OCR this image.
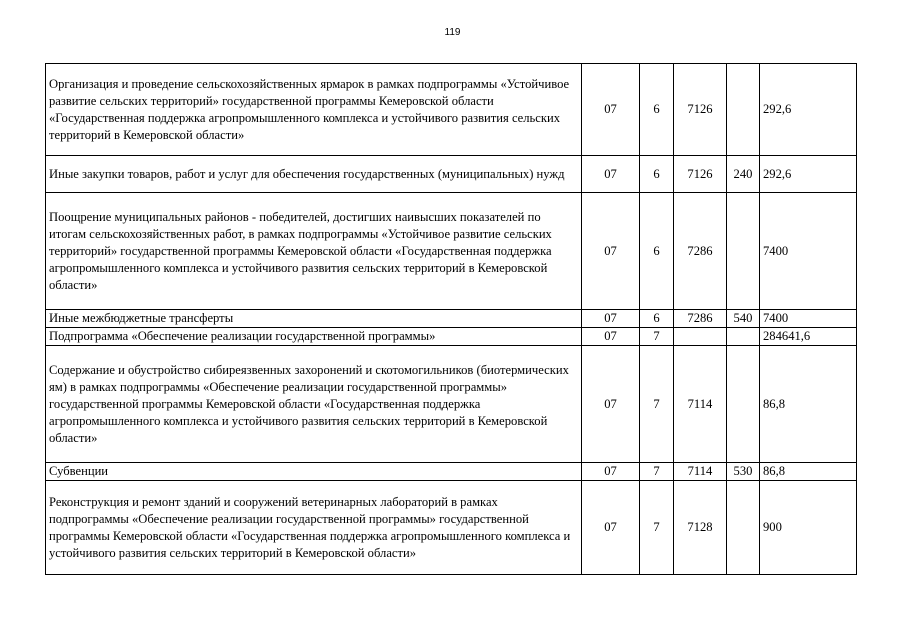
119
Организация и проведение сельскохозяйственных ярмарок в рамках подпрограммы «Устойчивое развитие сельских территорий» государственной программы Кемеровской области «Государственная поддержка агропромышленного комплекса и устойчивого развития сельских территорий в Кемеровской области»	07	6	7126		292,6
Иные закупки товаров, работ и услуг для обеспечения государственных (муниципальных) нужд	07	6	7126	240	292,6
Поощрение муниципальных районов - победителей, достигших наивысших показателей по итогам сельскохозяйственных работ, в рамках подпрограммы «Устойчивое развитие сельских территорий» государственной программы Кемеровской области «Государственная поддержка агропромышленного комплекса и устойчивого развития сельских территорий в Кемеровской области»	07	6	7286		7400
Иные межбюджетные трансферты	07	6	7286	540	7400
Подпрограмма «Обеспечение реализации государственной программы»	07	7			284641,6
Содержание и обустройство сибиреязвенных захоронений и скотомогильников (биотермических ям) в рамках подпрограммы «Обеспечение реализации государственной программы» государственной программы Кемеровской области «Государственная поддержка агропромышленного комплекса и устойчивого развития сельских территорий в Кемеровской области»	07	7	7114		86,8
Субвенции	07	7	7114	530	86,8
Реконструкция и ремонт зданий и сооружений ветеринарных лабораторий в рамках подпрограммы «Обеспечение реализации государственной программы» государственной программы Кемеровской области «Государственная поддержка агропромышленного комплекса и устойчивого развития сельских территорий в Кемеровской области»	07	7	7128		900
